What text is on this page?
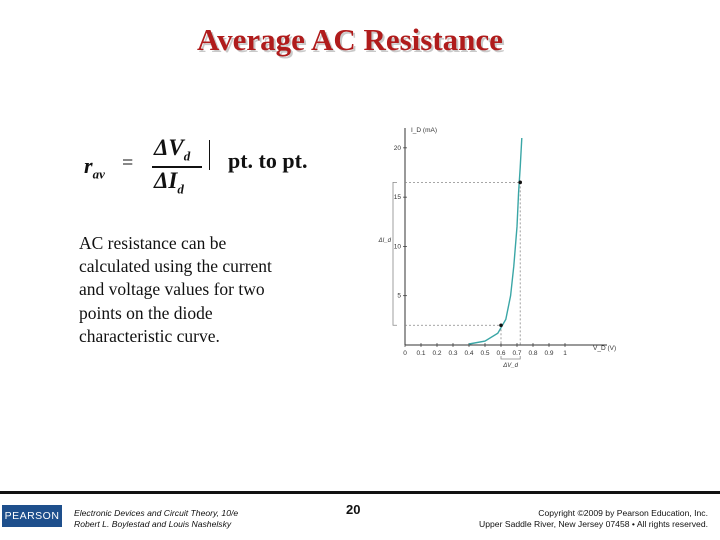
Average AC Resistance
$r_{av}$ =
$\Delta V_d$
$\Delta I_d$
pt. to pt.
AC resistance can be
calculated using the current
and voltage values for two
points on the diode
characteristic curve.
I_D (mA)
V_D (V)
0 0.1 0.2 0.3 0.4 0.5 0.6 0.7 0.8 0.9 1
5
10
15
20
ΔI_d
ΔV_d
PEARSON Electronic Devices and Circuit Theory, 10/e
Robert L. Boylestad and Louis Nashelsky
20	Copyright ©2009 by Pearson Education, Inc.
Upper Saddle River, New Jersey 07458 • All rights reserved.
